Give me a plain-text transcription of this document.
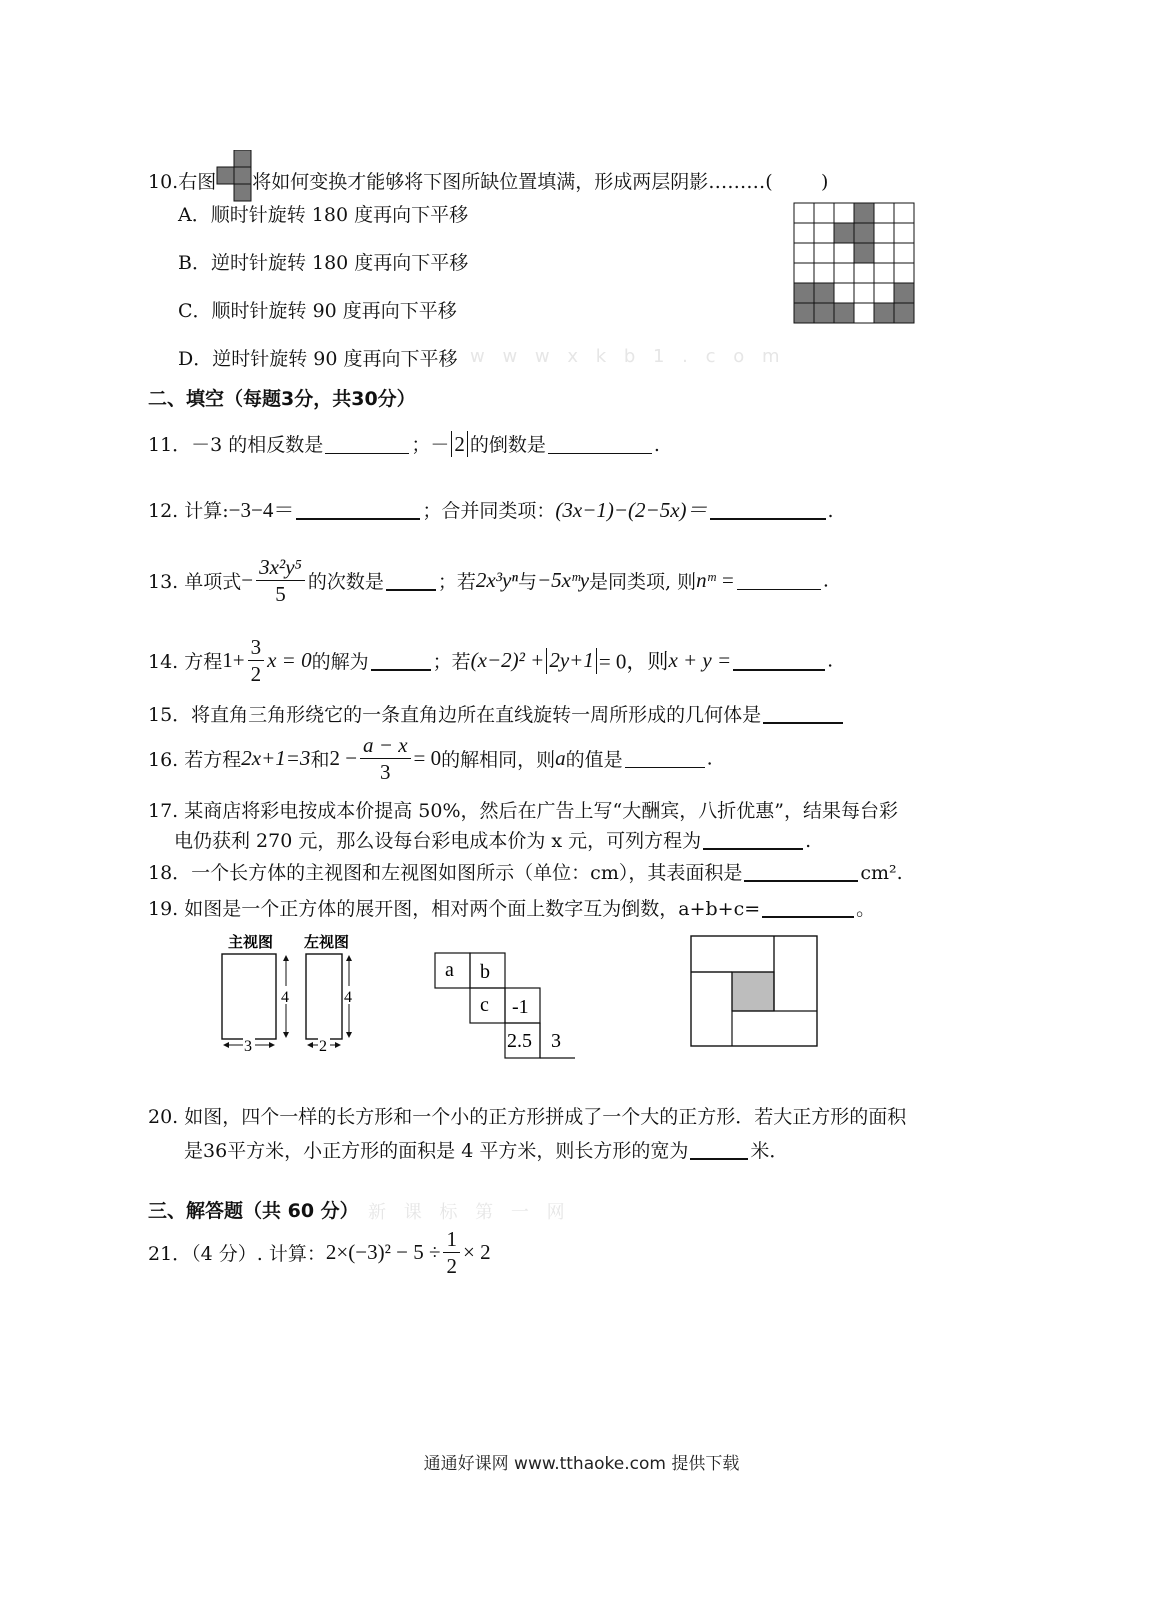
10.右图 将如何变换才能够将下图所缺位置填满，形成两层阴影………(        )
A．顺时针旋转 180 度再向下平移
B．逆时针旋转 180 度再向下平移
C．顺时针旋转 90 度再向下平移
D．逆时针旋转 90 度再向下平移 w w w x k b 1 . c o m
二、填空（每题3分，共30分）
11．－3 的相反数是	；－ 2 的倒数是	.
12. 计算:−3−4＝	；合并同类项：(3x−1)−(2−5x)＝	.
13. 单项式− $\frac{\text{3x²y⁵}}{5}$ 的次数是	；若2x³yⁿ与−5xᵐy是同类项, 则nᵐ =	.
14. 方程$1+ \frac{3}{2}$ x = 0的解为	；若(x−2)² + 2y+1 = 0，则x + y =	.
15．将直角三角形绕它的一条直角边所在直线旋转一周所形成的几何体是
16. 若方程2x+1=3和$2 - \frac{a - x}{3} = 0$的解相同，则a的值是	.
17. 某商店将彩电按成本价提高 50%，然后在广告上写“大酬宾，八折优惠”，结果每台彩
电仍获利 270 元，那么设每台彩电成本价为 x 元，可列方程为	.
18．一个长方体的主视图和左视图如图所示（单位：cm），其表面积是	cm².
19. 如图是一个正方体的展开图，相对两个面上数字互为倒数，a+b+c=	。
主视图 左视图
4	4
3	2
a b
c -1
2.5 3
20. 如图，四个一样的长方形和一个小的正方形拼成了一个大的正方形．若大正方形的面积
是36平方米，小正方形的面积是 4 平方米，则长方形的宽为	米．
三、解答题（共 60 分） 新 课 标 第 一 网
21．（4 分）. 计算：$2\times(-3)^2 - 5 \div \frac{1}{2} \times 2$
通通好课网 www.tthaoke.com 提供下载
